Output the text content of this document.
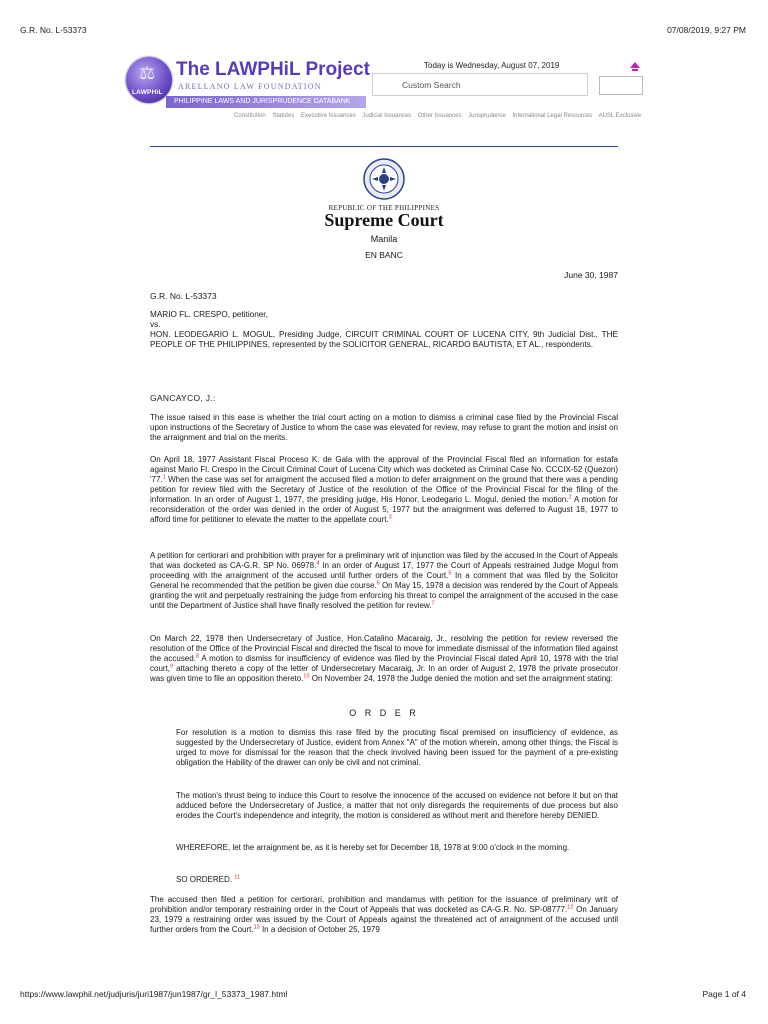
G.R. No. L-53373	07/08/2019, 9:27 PM
⚖
LAWPHiL
The LAWPHiL Project
ARELLANO LAW FOUNDATION
PHILIPPINE LAWS AND JURISPRUDENCE DATABANK
Today is Wednesday, August 07, 2019
Custom Search
Constitution Statutes Executive Issuances Judicial Issuances Other Issuances Jurisprudence International Legal Resources AUSL Exclusive
REPUBLIC OF THE PHILIPPINES
Supreme Court
Manila
EN BANC
June 30, 1987
G.R. No. L-53373
MARIO FL. CRESPO, petitioner,
vs.
HON. LEODEGARIO L. MOGUL, Presiding Judge, CIRCUIT CRIMINAL COURT OF LUCENA CITY, 9th Judicial Dist., THE PEOPLE OF THE PHILIPPINES, represented by the SOLICITOR GENERAL, RICARDO BAUTISTA, ET AL., respondents.
GANCAYCO, J.:
The issue raised in this ease is whether the trial court acting on a motion to dismiss a criminal case filed by the Provincial Fiscal upon instructions of the Secretary of Justice to whom the case was elevated for review, may refuse to grant the motion and insist on the arraignment and trial on the merits.
On April 18, 1977 Assistant Fiscal Proceso K. de Gala with the approval of the Provincial Fiscal filed an information for estafa against Mario Fl. Crespo in the Circuit Criminal Court of Lucena City which was docketed as Criminal Case No. CCCIX-52 (Quezon) '77.$^1$ When the case was set for arraigment the accused filed a motion to defer arraignment on the ground that there was a pending petition for review filed with the Secretary of Justice of the resolution of the Office of the Provincial Fiscal for the filing of the information. In an order of August 1, 1977, the presiding judge, His Honor, Leodegario L. Mogul, denied the motion.$^2$ A motion for reconsideration of the order was denied in the order of August 5, 1977 but the arraignment was deferred to August 18, 1977 to afford time for petitioner to elevate the matter to the appellate court.$^3$
A petition for certiorari and prohibition with prayer for a preliminary writ of injunction was filed by the accused in the Court of Appeals that was docketed as CA-G.R. SP No. 06978.$^4$ In an order of August 17, 1977 the Court of Appeals restrained Judge Mogul from proceeding with the arraignment of the accused until further orders of the Court.$^5$ In a comment that was filed by the Solicitor General he recommended that the petition be given due course.$^6$ On May 15, 1978 a decision was rendered by the Court of Appeals granting the writ and perpetually restraining the judge from enforcing his threat to compel the arraignment of the accused in the case until the Department of Justice shall have finally resolved the petition for review.$^7$
On March 22, 1978 then Undersecretary of Justice, Hon.Catalino Macaraig, Jr., resolving the petition for review reversed the resolution of the Office of the Provincial Fiscal and directed the fiscal to move for immediate dismissal of the information filed against the accused.$^8$ A motion to dismiss for insufficiency of evidence was filed by the Provincial Fiscal dated April 10, 1978 with the trial court,$^9$ attaching thereto a copy of the letter of Undersecretary Macaraig, Jr. In an order of August 2, 1978 the private prosecutor was given time to file an opposition thereto.$^{10}$ On November 24, 1978 the Judge denied the motion and set the arraignment stating:
O R D E R
For resolution is a motion to dismiss this rase filed by the procuting fiscal premised on insufficiency of evidence, as suggested by the Undersecretary of Justice, evident from Annex "A" of the motion wherein, among other things, the Fiscal is urged to move for dismissal for the reason that the check involved having been issued for the payment of a pre-existing obligation the Hability of the drawer can only be civil and not criminal.
The motion's thrust being to induce this Court to resolve the innocence of the accused on evidence not before it but on that adduced before the Undersecretary of Justice, a matter that not only disregards the requirements of due process but also erodes the Court's independence and integrity, the motion is considered as without merit and therefore hereby DENIED.
WHEREFORE, let the arraignment be, as it is hereby set for December 18, 1978 at 9:00 o'clock in the morning.
SO ORDERED. $^{11}$
The accused then filed a petition for certiorari, prohibition and mandamus with petition for the issuance of preliminary writ of prohibition and/or temporary restraining order in the Court of Appeals that was docketed as CA-G.R. No. SP-08777.12 On January 23, 1979 a restraining order was issued by the Court of Appeals against the threatened act of arraignment of the accused until further orders from the Court.$^{13}$ In a decision of October 25, 1979
https://www.lawphil.net/judjuris/juri1987/jun1987/gr_l_53373_1987.html	Page 1 of 4
